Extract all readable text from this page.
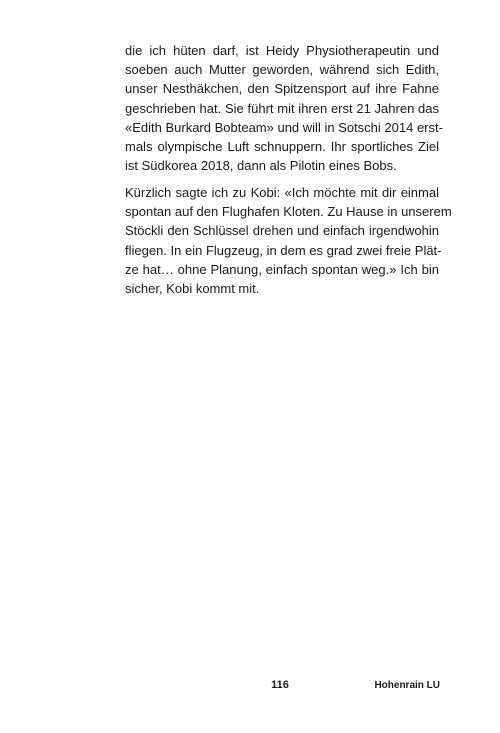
die ich hüten darf, ist Heidy Physiotherapeutin und
soeben auch Mutter geworden, während sich Edith,
unser Nesthäkchen, den Spitzensport auf ihre Fahne
geschrieben hat. Sie führt mit ihren erst 21 Jahren das
«Edith Burkard Bobteam» und will in Sotschi 2014 erst-
mals olympische Luft schnuppern. Ihr sportliches Ziel
ist Südkorea 2018, dann als Pilotin eines Bobs.

Kürzlich sagte ich zu Kobi: «Ich möchte mit dir einmal
spontan auf den Flughafen Kloten. Zu Hause in unserem
Stöckli den Schlüssel drehen und einfach irgendwohin
fliegen. In ein Flugzeug, in dem es grad zwei freie Plät-
ze hat… ohne Planung, einfach spontan weg.» Ich bin
sicher, Kobi kommt mit.

116	Hohenrain LU
